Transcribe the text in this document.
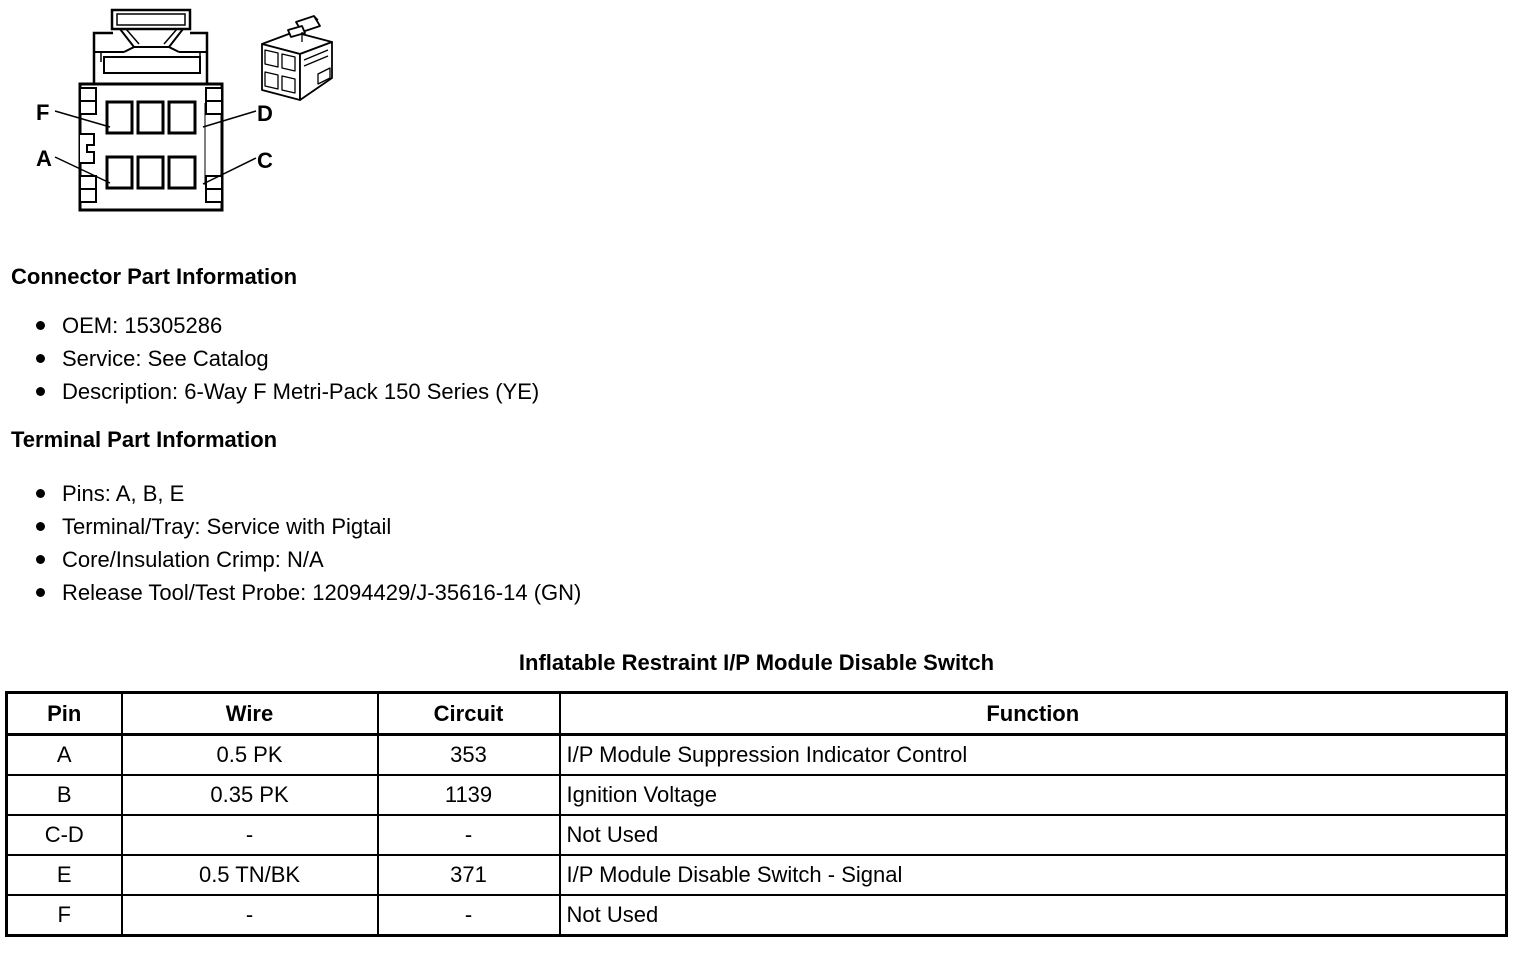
F	D
A	C
Connector Part Information
OEM: 15305286
Service: See Catalog
Description: 6-Way F Metri-Pack 150 Series (YE)
Terminal Part Information
Pins: A, B, E
Terminal/Tray: Service with Pigtail
Core/Insulation Crimp: N/A
Release Tool/Test Probe: 12094429/J-35616-14 (GN)
Inflatable Restraint I/P Module Disable Switch
Pin	Wire	Circuit	Function
A	0.5 PK	353	I/P Module Suppression Indicator Control
B	0.35 PK	1139	Ignition Voltage
C-D	-	-	Not Used
E	0.5 TN/BK	371	I/P Module Disable Switch - Signal
F	-	-	Not Used
